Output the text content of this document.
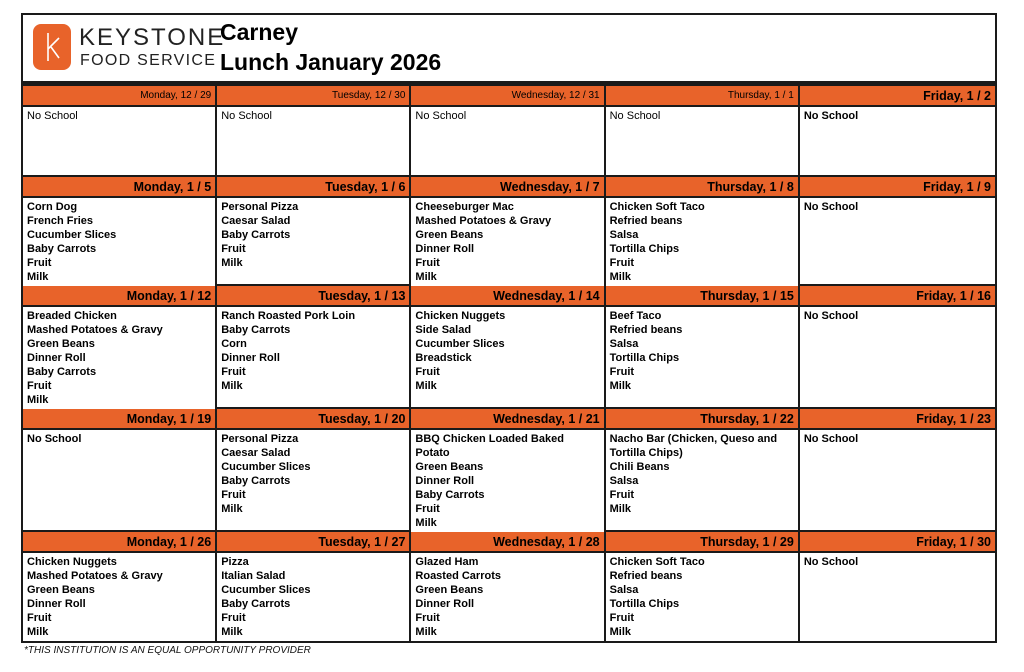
KEYSTONE
FOOD SERVICE
Carney
Lunch January 2026
Monday, 12 / 29
No School
Tuesday, 12 / 30
No School
Wednesday, 12 / 31
No School
Thursday, 1 / 1
No School
Friday, 1 / 2
No School
Monday, 1 / 5
Corn Dog
French Fries
Cucumber Slices
Baby Carrots
Fruit
Milk
Tuesday, 1 / 6
Personal Pizza
Caesar Salad
Baby Carrots
Fruit
Milk
Wednesday, 1 / 7
Cheeseburger Mac
Mashed Potatoes & Gravy
Green Beans
Dinner Roll
Fruit
Milk
Thursday, 1 / 8
Chicken Soft Taco
Refried beans
Salsa
Tortilla Chips
Fruit
Milk
Friday, 1 / 9
No School
Monday, 1 / 12
Breaded Chicken
Mashed Potatoes & Gravy
Green Beans
Dinner Roll
Baby Carrots
Fruit
Milk
Tuesday, 1 / 13
Ranch Roasted Pork Loin
Baby Carrots
Corn
Dinner Roll
Fruit
Milk
Wednesday, 1 / 14
Chicken Nuggets
Side Salad
Cucumber Slices
Breadstick
Fruit
Milk
Thursday, 1 / 15
Beef Taco
Refried beans
Salsa
Tortilla Chips
Fruit
Milk
Friday, 1 / 16
No School
Monday, 1 / 19
No School
Tuesday, 1 / 20
Personal Pizza
Caesar Salad
Cucumber Slices
Baby Carrots
Fruit
Milk
Wednesday, 1 / 21
BBQ Chicken Loaded Baked Potato
Green Beans
Dinner Roll
Baby Carrots
Fruit
Milk
Thursday, 1 / 22
Nacho Bar (Chicken, Queso and Tortilla Chips)
Chili Beans
Salsa
Fruit
Milk
Friday, 1 / 23
No School
Monday, 1 / 26
Chicken Nuggets
Mashed Potatoes & Gravy
Green Beans
Dinner Roll
Fruit
Milk
Tuesday, 1 / 27
Pizza
Italian Salad
Cucumber Slices
Baby Carrots
Fruit
Milk
Wednesday, 1 / 28
Glazed Ham
Roasted Carrots
Green Beans
Dinner Roll
Fruit
Milk
Thursday, 1 / 29
Chicken Soft Taco
Refried beans
Salsa
Tortilla Chips
Fruit
Milk
Friday, 1 / 30
No School
*THIS INSTITUTION IS AN EQUAL OPPORTUNITY PROVIDER
